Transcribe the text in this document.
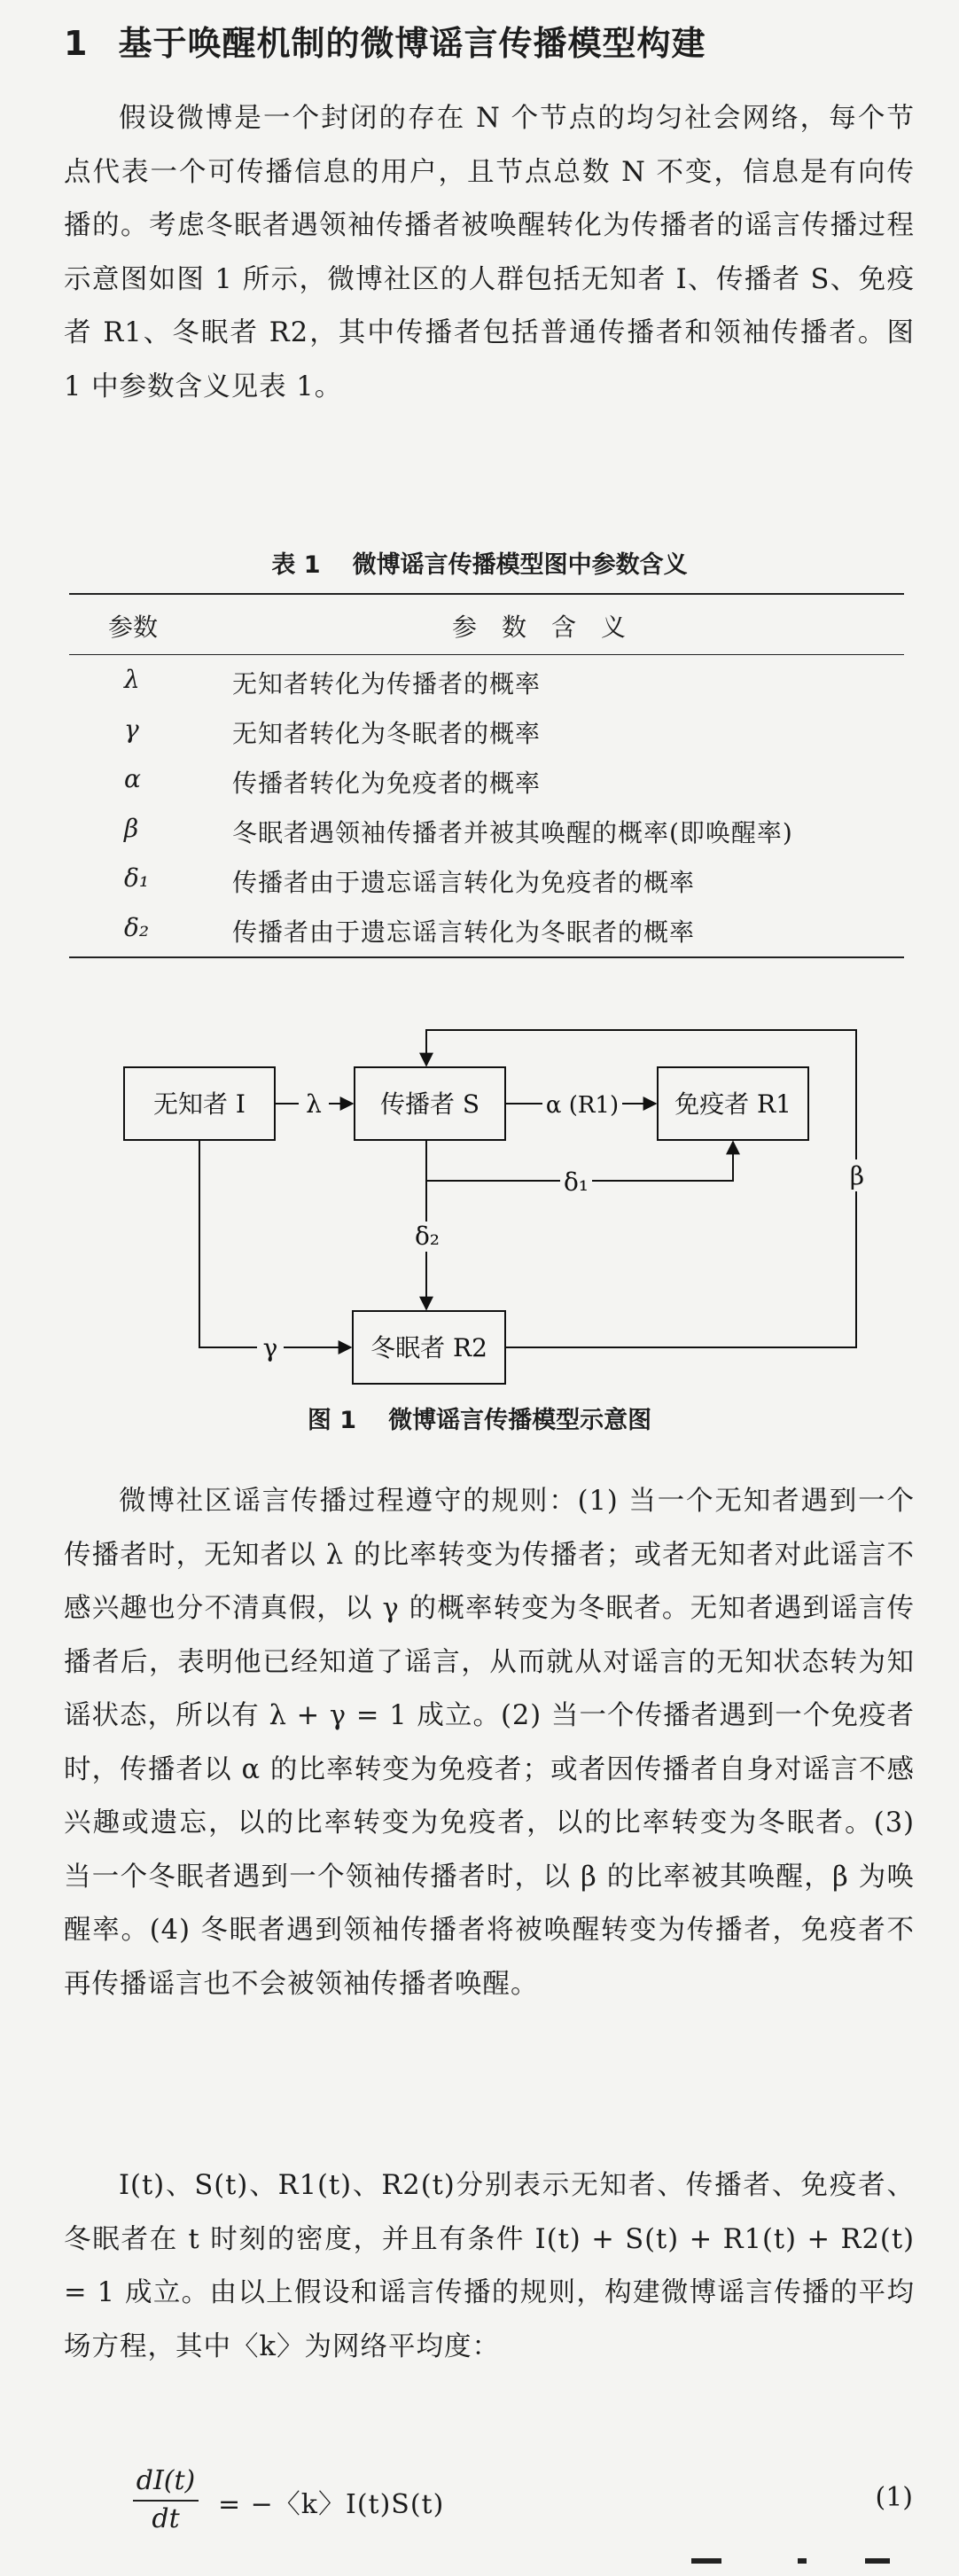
1 基于唤醒机制的微博谣言传播模型构建
假设微博是一个封闭的存在 N 个节点的均匀社会网络，每个节点代表一个可传播信息的用户，且节点总数 N 不变，信息是有向传播的。考虑冬眠者遇领袖传播者被唤醒转化为传播者的谣言传播过程示意图如图 1 所示，微博社区的人群包括无知者 I、传播者 S、免疫者 R1、冬眠者 R2，其中传播者包括普通传播者和领袖传播者。图 1 中参数含义见表 1。
表 1 微博谣言传播模型图中参数含义
参数	参数含义
λ	无知者转化为传播者的概率
γ	无知者转化为冬眠者的概率
α	传播者转化为免疫者的概率
β	冬眠者遇领袖传播者并被其唤醒的概率(即唤醒率)
δ₁	传播者由于遗忘谣言转化为免疫者的概率
δ₂	传播者由于遗忘谣言转化为冬眠者的概率
无知者 I	传播者 S	免疫者 R1
冬眠者 R2
λ	α (R1)
δ₁
δ₂
γ
β
图 1 微博谣言传播模型示意图
微博社区谣言传播过程遵守的规则：(1) 当一个无知者遇到一个传播者时，无知者以 λ 的比率转变为传播者；或者无知者对此谣言不感兴趣也分不清真假，以 γ 的概率转变为冬眠者。无知者遇到谣言传播者后，表明他已经知道了谣言，从而就从对谣言的无知状态转为知谣状态，所以有 λ + γ = 1 成立。(2) 当一个传播者遇到一个免疫者时，传播者以 α 的比率转变为免疫者；或者因传播者自身对谣言不感兴趣或遗忘，以的比率转变为免疫者，以的比率转变为冬眠者。(3) 当一个冬眠者遇到一个领袖传播者时，以 β 的比率被其唤醒，β 为唤醒率。(4) 冬眠者遇到领袖传播者将被唤醒转变为传播者，免疫者不再传播谣言也不会被领袖传播者唤醒。
I(t)、S(t)、R1(t)、R2(t)分别表示无知者、传播者、免疫者、冬眠者在 t 时刻的密度，并且有条件 I(t) + S(t) + R1(t) + R2(t) = 1 成立。由以上假设和谣言传播的规则，构建微博谣言传播的平均场方程，其中〈k〉为网络平均度：
$\frac{dI(t)}{dt}$ = −〈k〉I(t)S(t)	(1)
